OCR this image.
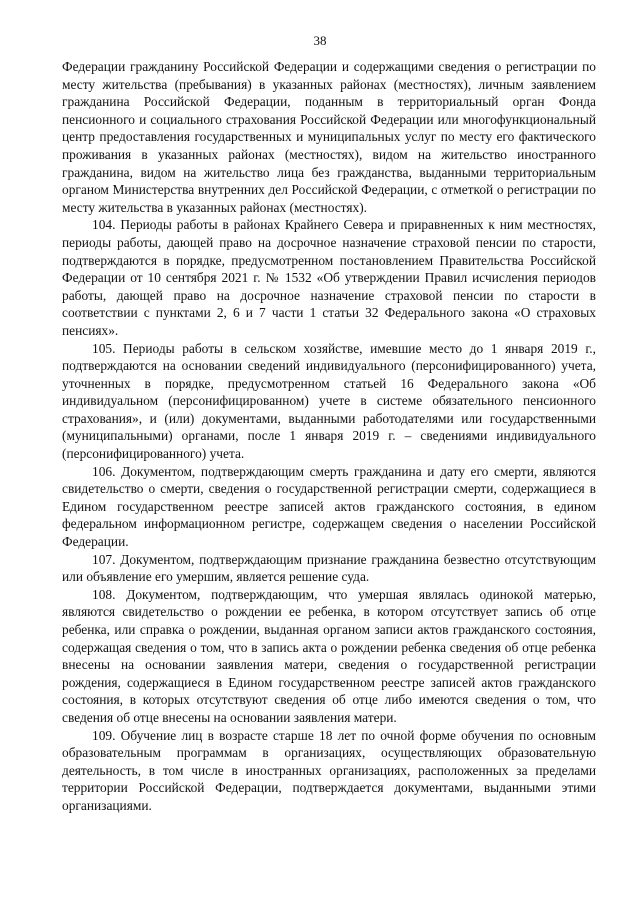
38

Федерации гражданину Российской Федерации и содержащими сведения о регистрации по месту жительства (пребывания) в указанных районах (местностях), личным заявлением гражданина Российской Федерации, поданным в территориальный орган Фонда пенсионного и социального страхования Российской Федерации или многофункциональный центр предоставления государственных и муниципальных услуг по месту его фактического проживания в указанных районах (местностях), видом на жительство иностранного гражданина, видом на жительство лица без гражданства, выданными территориальным органом Министерства внутренних дел Российской Федерации, с отметкой о регистрации по месту жительства в указанных районах (местностях).

104. Периоды работы в районах Крайнего Севера и приравненных к ним местностях, периоды работы, дающей право на досрочное назначение страховой пенсии по старости, подтверждаются в порядке, предусмотренном постановлением Правительства Российской Федерации от 10 сентября 2021 г. № 1532 «Об утверждении Правил исчисления периодов работы, дающей право на досрочное назначение страховой пенсии по старости в соответствии с пунктами 2, 6 и 7 части 1 статьи 32 Федерального закона «О страховых пенсиях».

105. Периоды работы в сельском хозяйстве, имевшие место до 1 января 2019 г., подтверждаются на основании сведений индивидуального (персонифицированного) учета, уточненных в порядке, предусмотренном статьей 16 Федерального закона «Об индивидуальном (персонифицированном) учете в системе обязательного пенсионного страхования», и (или) документами, выданными работодателями или государственными (муниципальными) органами, после 1 января 2019 г. – сведениями индивидуального (персонифицированного) учета.

106. Документом, подтверждающим смерть гражданина и дату его смерти, являются свидетельство о смерти, сведения о государственной регистрации смерти, содержащиеся в Едином государственном реестре записей актов гражданского состояния, в едином федеральном информационном регистре, содержащем сведения о населении Российской Федерации.

107. Документом, подтверждающим признание гражданина безвестно отсутствующим или объявление его умершим, является решение суда.

108. Документом, подтверждающим, что умершая являлась одинокой матерью, являются свидетельство о рождении ее ребенка, в котором отсутствует запись об отце ребенка, или справка о рождении, выданная органом записи актов гражданского состояния, содержащая сведения о том, что в запись акта о рождении ребенка сведения об отце ребенка внесены на основании заявления матери, сведения о государственной регистрации рождения, содержащиеся в Едином государственном реестре записей актов гражданского состояния, в которых отсутствуют сведения об отце либо имеются сведения о том, что сведения об отце внесены на основании заявления матери.

109. Обучение лиц в возрасте старше 18 лет по очной форме обучения по основным образовательным программам в организациях, осуществляющих образовательную деятельность, в том числе в иностранных организациях, расположенных за пределами территории Российской Федерации, подтверждается документами, выданными этими организациями.
